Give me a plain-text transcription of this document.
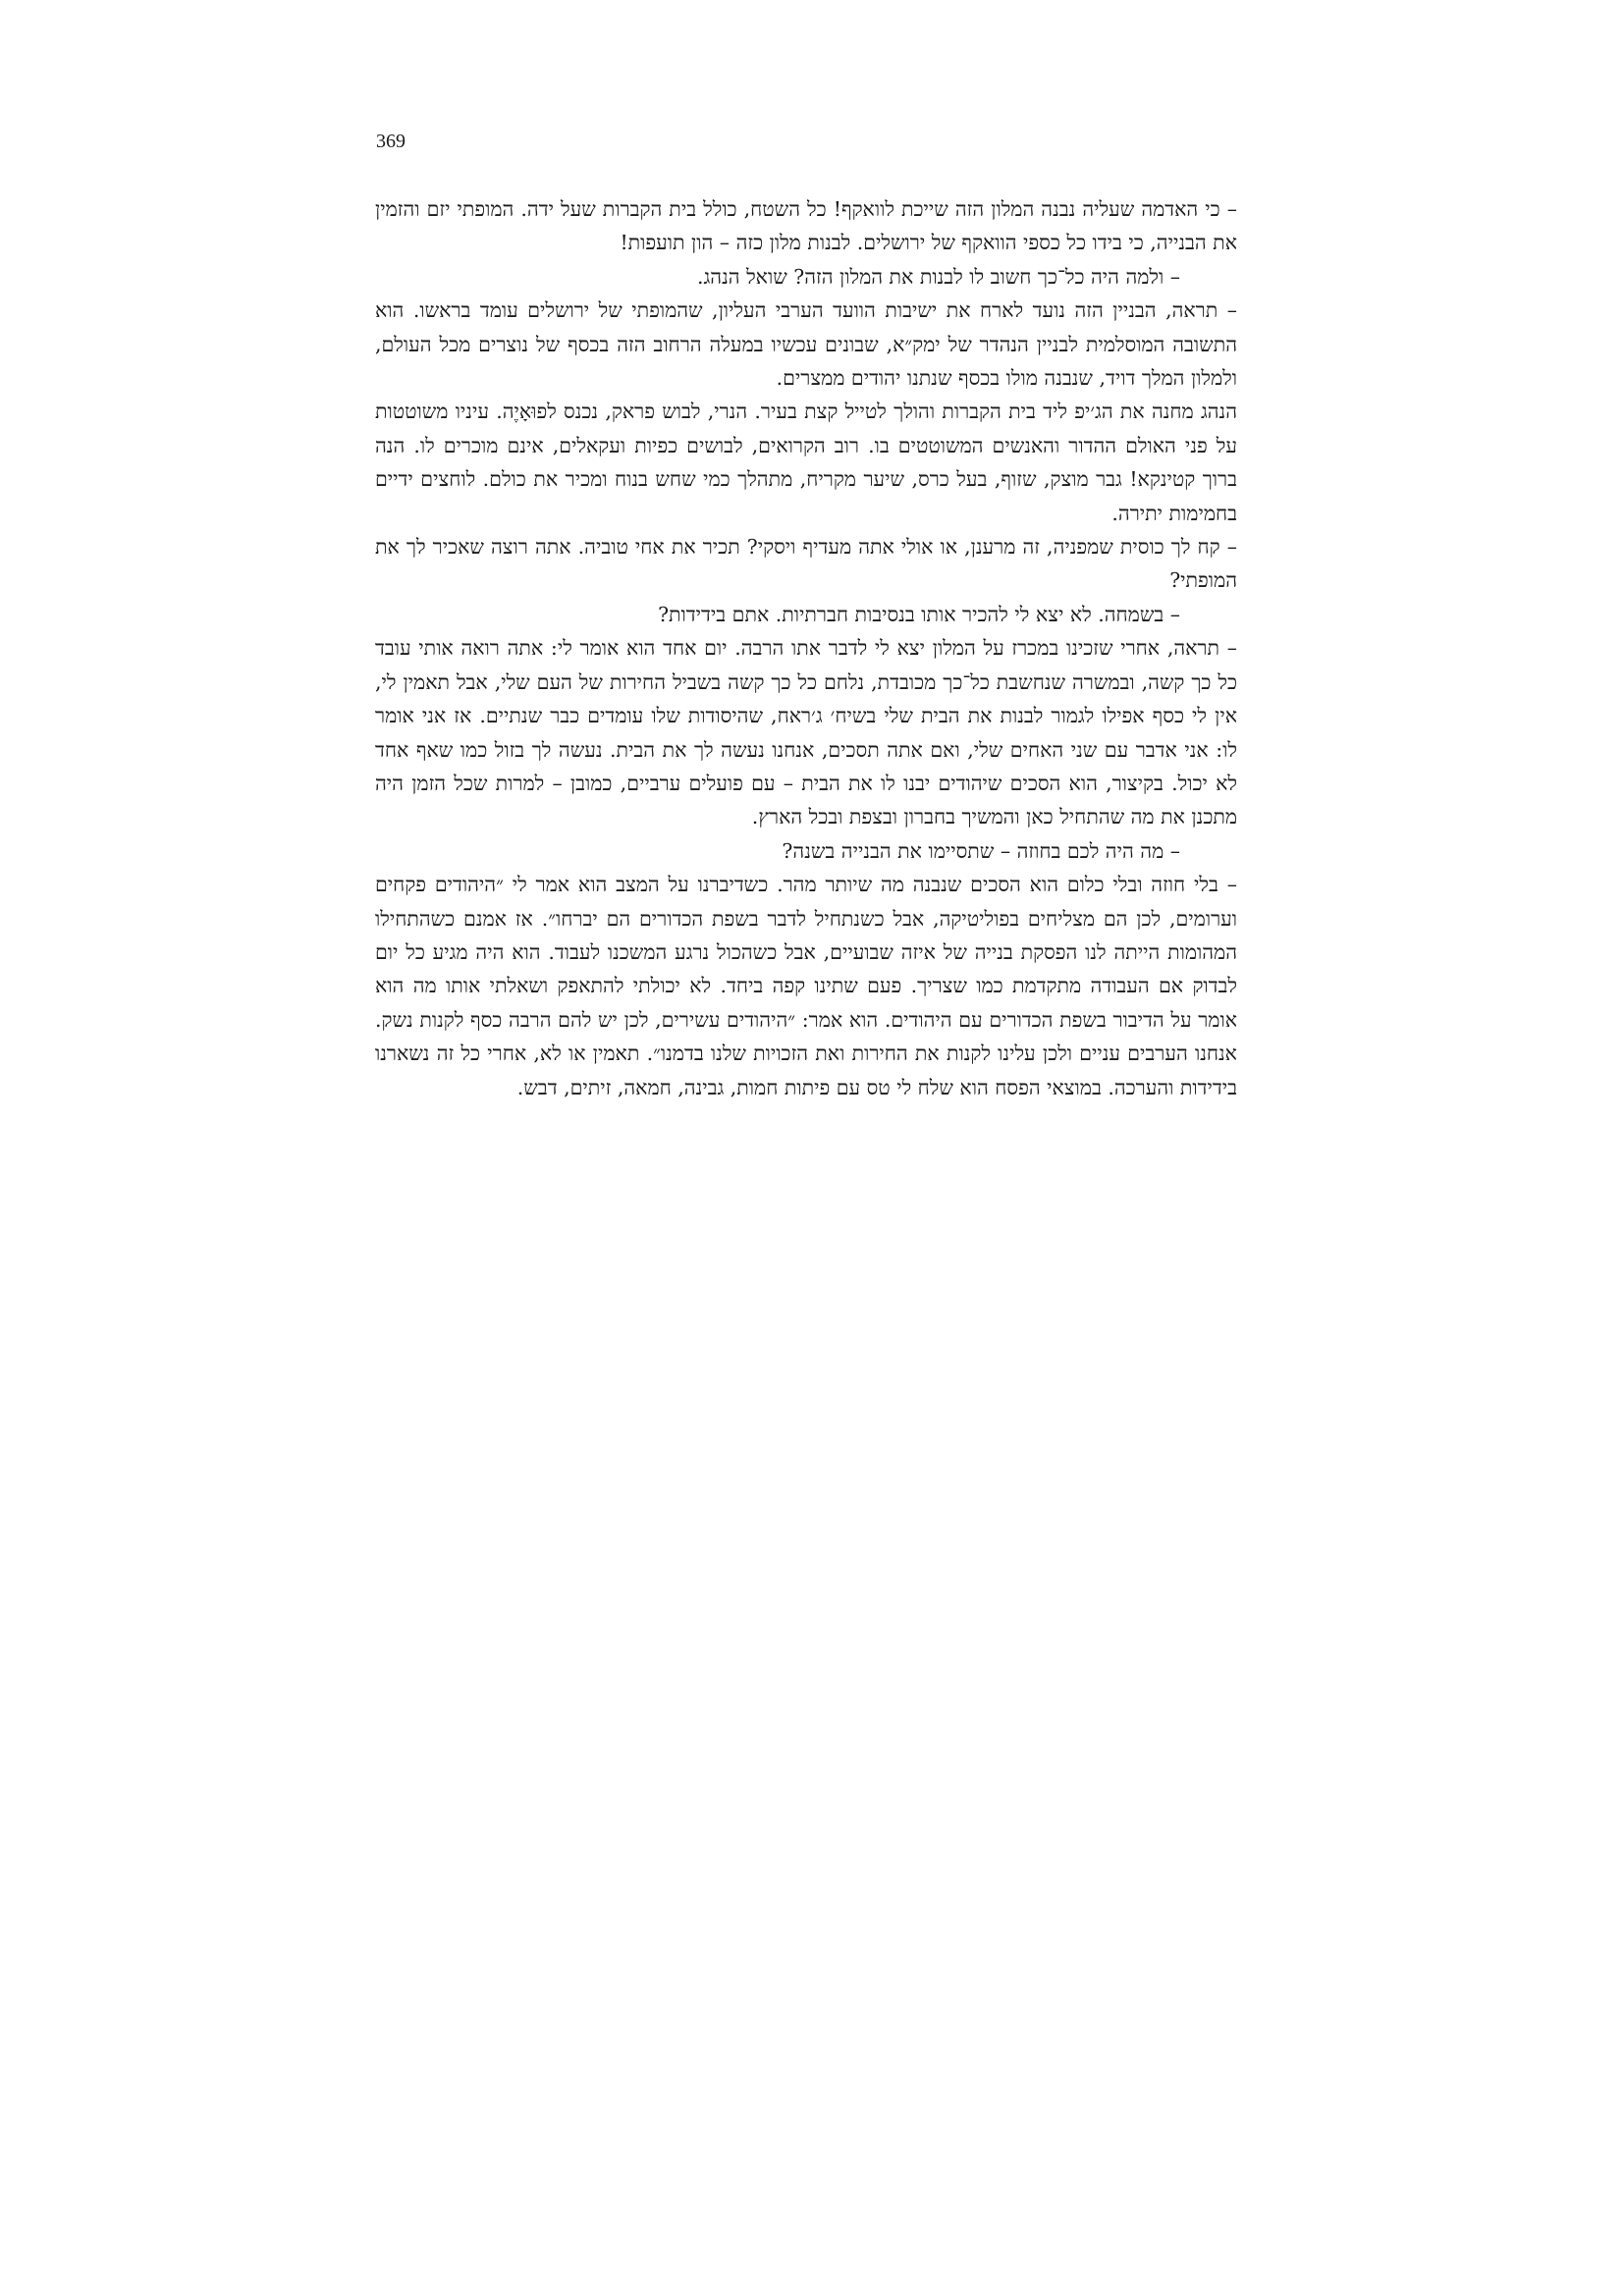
369

– כי האדמה שעליה נבנה המלון הזה שייכת לוואקף! כל השטח, כולל בית הקברות שעל ידה. המופתי יזם והזמין את הבנייה, כי בידו כל כספי הוואקף של ירושלים. לבנות מלון כזה – הון תועפות!

– ולמה היה כל־כך חשוב לו לבנות את המלון הזה? שואל הנהג.

– תראה, הבניין הזה נועד לארח את ישיבות הוועד הערבי העליון, שהמופתי של ירושלים עומד בראשו. הוא התשובה המוסלמית לבניין הנהדר של ימק״א, שבונים עכשיו במעלה הרחוב הזה בכסף של נוצרים מכל העולם, ולמלון המלך דויד, שנבנה מולו בכסף שנתנו יהודים ממצרים.

הנהג מחנה את הג׳יפ ליד בית הקברות והולך לטייל קצת בעיר. הנרי, לבוש פראק, נכנס לפוּאָיֶה. עיניו משוטטות על פני האולם ההדור והאנשים המשוטטים בו. רוב הקרואים, לבושים כפיות ועקאלים, אינם מוכרים לו. הנה ברוך קטינקא! גבר מוצק, שזוף, בעל כרס, שיער מקריח, מתהלך כמי שחש בנוח ומכיר את כולם. לוחצים ידיים בחמימות יתירה.

– קח לך כוסית שמפניה, זה מרענן, או אולי אתה מעדיף ויסקי? תכיר את אחי טוביה. אתה רוצה שאכיר לך את המופתי?

– בשמחה. לא יצא לי להכיר אותו בנסיבות חברתיות. אתם בידידות?

– תראה, אחרי שזכינו במכרז על המלון יצא לי לדבר אתו הרבה. יום אחד הוא אומר לי: אתה רואה אותי עובד כל כך קשה, ובמשרה שנחשבת כל־כך מכובדת, נלחם כל כך קשה בשביל החירות של העם שלי, אבל תאמין לי, אין לי כסף אפילו לגמור לבנות את הבית שלי בשיח׳ ג׳ראח, שהיסודות שלו עומדים כבר שנתיים. אז אני אומר לו: אני אדבר עם שני האחים שלי, ואם אתה תסכים, אנחנו נעשה לך את הבית. נעשה לך בזול כמו שאף אחד לא יכול. בקיצור, הוא הסכים שיהודים יבנו לו את הבית – עם פועלים ערביים, כמובן – למרות שכל הזמן היה מתכנן את מה שהתחיל כאן והמשיך בחברון ובצפת ובכל הארץ.

– מה היה לכם בחוזה – שתסיימו את הבנייה בשנה?

– בלי חוזה ובלי כלום הוא הסכים שנבנה מה שיותר מהר. כשדיברנו על המצב הוא אמר לי ״היהודים פקחים וערומים, לכן הם מצליחים בפוליטיקה, אבל כשנתחיל לדבר בשפת הכדורים הם יברחו״. אז אמנם כשהתחילו המהומות הייתה לנו הפסקת בנייה של איזה שבועיים, אבל כשהכול נרגע המשכנו לעבוד. הוא היה מגיע כל יום לבדוק אם העבודה מתקדמת כמו שצריך. פעם שתינו קפה ביחד. לא יכולתי להתאפק ושאלתי אותו מה הוא אומר על הדיבור בשפת הכדורים עם היהודים. הוא אמר: ״היהודים עשירים, לכן יש להם הרבה כסף לקנות נשק. אנחנו הערבים עניים ולכן עלינו לקנות את החירות ואת הזכויות שלנו בדמנו״. תאמין או לא, אחרי כל זה נשארנו בידידות והערכה. במוצאי הפסח הוא שלח לי טס עם פיתות חמות, גבינה, חמאה, זיתים, דבש.
